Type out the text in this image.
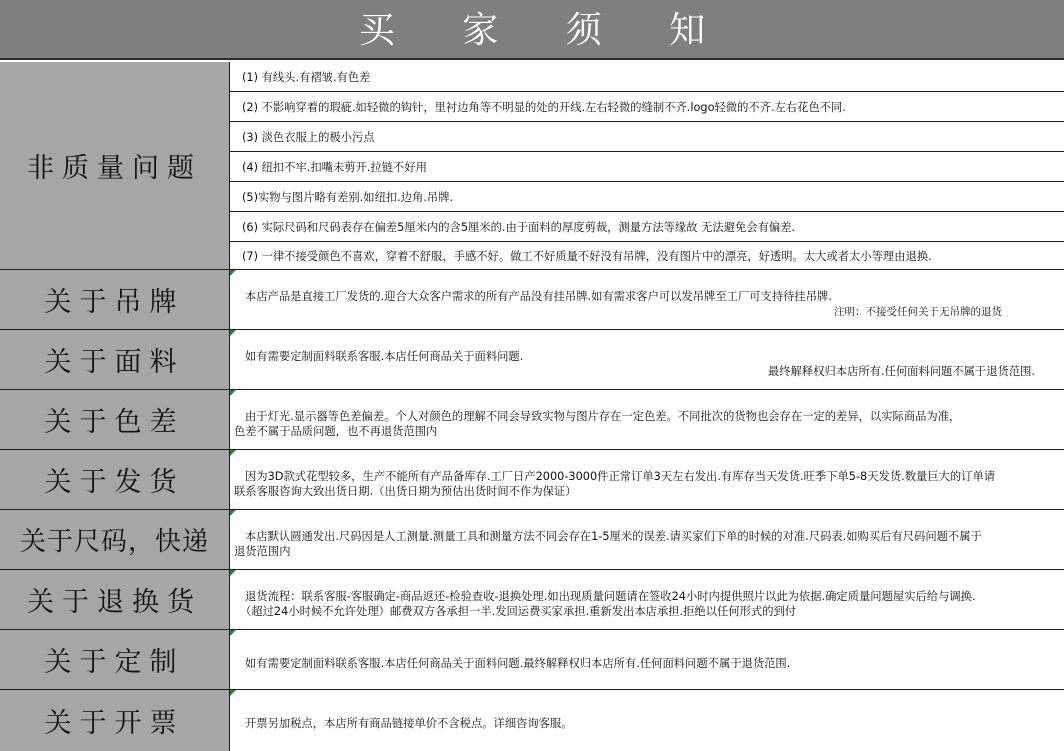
买 家 须 知
非质量问题
(1) 有线头.有褶皱.有色差
(2) 不影响穿着的瑕疵.如轻微的钩针，里衬边角等不明显的处的开线.左右轻微的缝制不齐.logo轻微的不齐.左右花色不同.
(3) 淡色衣服上的极小污点
(4) 纽扣不牢.扣嘴未剪开.拉链不好用
(5)实物与图片略有差别.如纽扣.边角.吊牌.
(6) 实际尺码和尺码表存在偏差5厘米内的含5厘米的.由于面料的厚度剪裁，测量方法等缘故 无法避免会有偏差.
(7) 一律不接受颜色不喜欢，穿着不舒服，手感不好。做工不好质量不好没有吊牌，没有图片中的漂亮，好透明。太大或者太小等理由退换.
关于吊牌	本店产品是直接工厂发货的.迎合大众客户需求的所有产品没有挂吊牌.如有需求客户可以发吊牌至工厂可支持待挂吊牌.
注明：不接受任何关于无吊牌的退货
关于面料	如有需要定制面料联系客服.本店任何商品关于面料问题.
最终解释权归本店所有.任何面料问题不属于退货范围.
关于色差	由于灯光.显示器等色差偏差。个人对颜色的理解不同会导致实物与图片存在一定色差。不同批次的货物也会存在一定的差异，以实际商品为准，
色差不属于品质问题，也不再退货范围内
关于发货	因为3D款式花型较多，生产不能所有产品备库存.工厂日产2000-3000件正常订单3天左右发出.有库存当天发货.旺季下单5-8天发货.数量巨大的订单请
联系客服咨询大致出货日期.（出货日期为预估出货时间不作为保证）
关于尺码，快递	本店默认圆通发出.尺码因是人工测量.测量工具和测量方法不同会存在1-5厘米的误差.请买家们下单的时候的对准.尺码表.如购买后有尺码问题不属于
退货范围内
关于退换货	退货流程：联系客服-客服确定-商品返还-检验查收-退换处理.如出现质量问题请在签收24小时内提供照片以此为依据.确定质量问题屋实后给与调换.
（超过24小时候不允许处理）邮费双方各承担一半.发回运费买家承担.重新发出本店承担.拒绝以任何形式的到付
关于定制	如有需要定制面料联系客服.本店任何商品关于面料问题.最终解释权归本店所有.任何面料问题不属于退货范围.
关于开票	开票另加税点，本店所有商品链接单价不含税点。详细咨询客服。
